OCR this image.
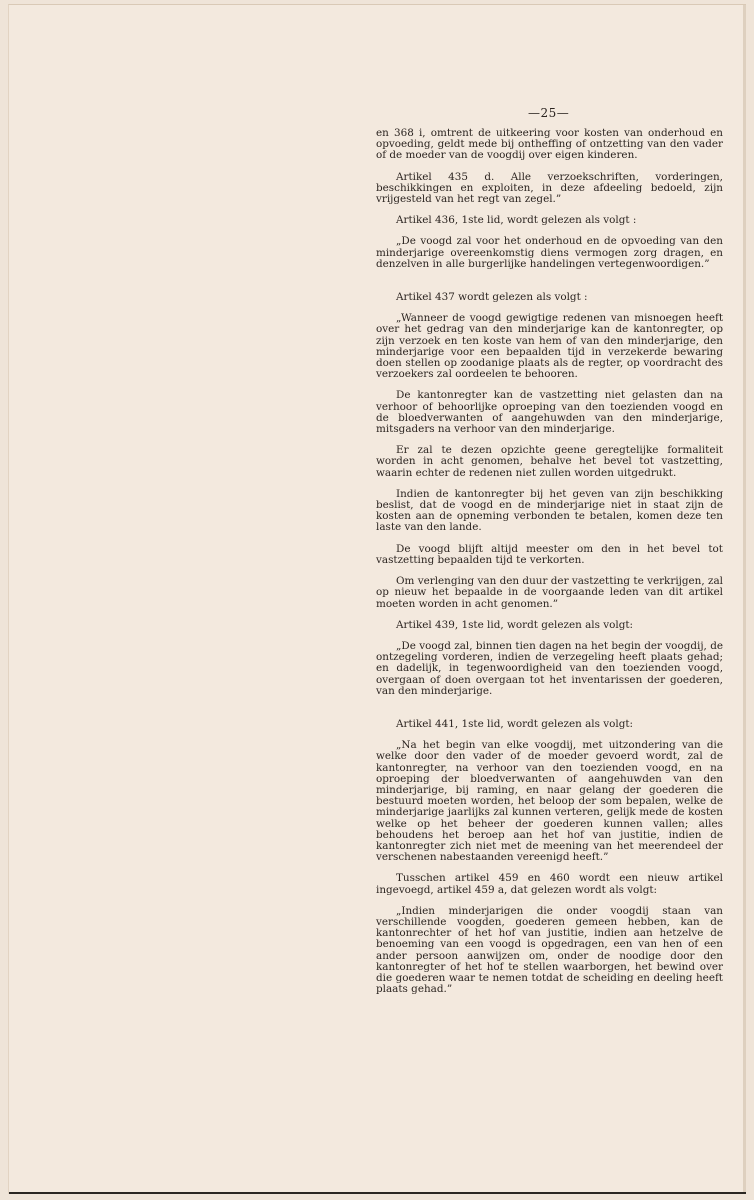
—25—

en 368 i, omtrent de uitkeering voor kosten van onderhoud en opvoeding, geldt mede bij ontheffing of ontzetting van den vader of de moeder van de voogdij over eigen kinderen.

Artikel 435 d. Alle verzoekschriften, vorderingen, beschikkingen en exploiten, in deze afdeeling bedoeld, zijn vrijgesteld van het regt van zegel.”

Artikel 436, 1ste lid, wordt gelezen als volgt :

„De voogd zal voor het onderhoud en de opvoeding van den minderjarige overeenkomstig diens vermogen zorg dragen, en denzelven in alle burgerlijke handelingen vertegenwoordigen.”

Artikel 437 wordt gelezen als volgt :

„Wanneer de voogd gewigtige redenen van misnoegen heeft over het gedrag van den minderjarige kan de kantonregter, op zijn verzoek en ten koste van hem of van den minderjarige, den minderjarige voor een bepaalden tijd in verzekerde bewaring doen stellen op zoodanige plaats als de regter, op voordracht des verzoekers zal oordeelen te behooren.

De kantonregter kan de vastzetting niet gelasten dan na verhoor of behoorlijke oproeping van den toezienden voogd en de bloedverwanten of aangehuwden van den minderjarige, mitsgaders na verhoor van den minderjarige.

Er zal te dezen opzichte geene geregtelijke formaliteit worden in acht genomen, behalve het bevel tot vastzetting, waarin echter de redenen niet zullen worden uitgedrukt.

Indien de kantonregter bij het geven van zijn beschikking beslist, dat de voogd en de minderjarige niet in staat zijn de kosten aan de opneming verbonden te betalen, komen deze ten laste van den lande.

De voogd blijft altijd meester om den in het bevel tot vastzetting bepaalden tijd te verkorten.

Om verlenging van den duur der vastzetting te verkrijgen, zal op nieuw het bepaalde in de voorgaande leden van dit artikel moeten worden in acht genomen.”

Artikel 439, 1ste lid, wordt gelezen als volgt:

„De voogd zal, binnen tien dagen na het begin der voogdij, de ontzegeling vorderen, indien de verzegeling heeft plaats gehad; en dadelijk, in tegenwoordigheid van den toezienden voogd, overgaan of doen overgaan tot het inventarissen der goederen, van den minderjarige.

Artikel 441, 1ste lid, wordt gelezen als volgt:

„Na het begin van elke voogdij, met uitzondering van die welke door den vader of de moeder gevoerd wordt, zal de kantonregter, na verhoor van den toezienden voogd, en na oproeping der bloedverwanten of aangehuwden van den minderjarige, bij raming, en naar gelang der goederen die bestuurd moeten worden, het beloop der som bepalen, welke de minderjarige jaarlijks zal kunnen verteren, gelijk mede de kosten welke op het beheer der goederen kunnen vallen; alles behoudens het beroep aan het hof van justitie, indien de kantonregter zich niet met de meening van het meerendeel der verschenen nabestaanden vereenigd heeft.”

Tusschen artikel 459 en 460 wordt een nieuw artikel ingevoegd, artikel 459 a, dat gelezen wordt als volgt:

„Indien minderjarigen die onder voogdij staan van verschillende voogden, goederen gemeen hebben, kan de kantonrechter of het hof van justitie, indien aan hetzelve de benoeming van een voogd is opgedragen, een van hen of een ander persoon aanwijzen om, onder de noodige door den kantonregter of het hof te stellen waarborgen, het bewind over die goederen waar te nemen totdat de scheiding en deeling heeft plaats gehad.”
